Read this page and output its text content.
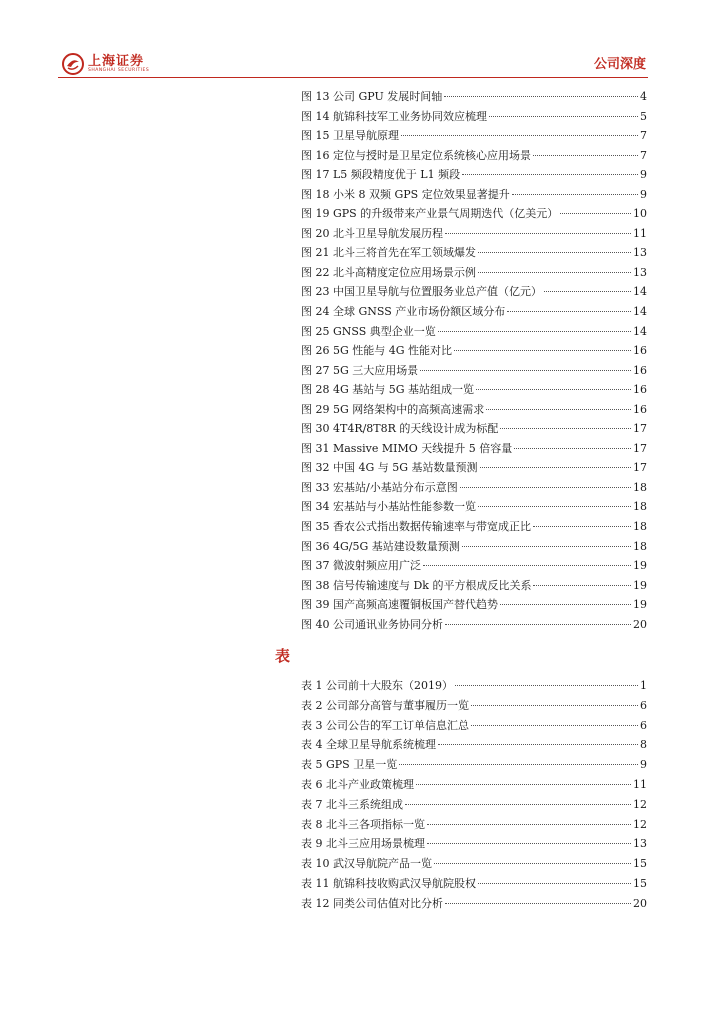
上海证券
SHANGHAI SECURITIES	公司深度
图 13 公司 GPU 发展时间轴	4
图 14 航锦科技军工业务协同效应梳理	5
图 15 卫星导航原理	7
图 16 定位与授时是卫星定位系统核心应用场景	7
图 17 L5 频段精度优于 L1 频段	9
图 18 小米 8 双频 GPS 定位效果显著提升	9
图 19 GPS 的升级带来产业景气周期迭代（亿美元）	10
图 20 北斗卫星导航发展历程	11
图 21 北斗三将首先在军工领域爆发	13
图 22 北斗高精度定位应用场景示例	13
图 23 中国卫星导航与位置服务业总产值（亿元）	14
图 24 全球 GNSS 产业市场份额区域分布	14
图 25 GNSS 典型企业一览	14
图 26 5G 性能与 4G 性能对比	16
图 27 5G 三大应用场景	16
图 28 4G 基站与 5G 基站组成一览	16
图 29 5G 网络架构中的高频高速需求	16
图 30 4T4R/8T8R 的天线设计成为标配	17
图 31 Massive MIMO 天线提升 5 倍容量	17
图 32 中国 4G 与 5G 基站数量预测	17
图 33 宏基站/小基站分布示意图	18
图 34 宏基站与小基站性能参数一览	18
图 35 香农公式指出数据传输速率与带宽成正比	18
图 36 4G/5G 基站建设数量预测	18
图 37 微波射频应用广泛	19
图 38 信号传输速度与 Dk 的平方根成反比关系	19
图 39 国产高频高速覆铜板国产替代趋势	19
图 40 公司通讯业务协同分析	20
表
表 1 公司前十大股东（2019）	1
表 2 公司部分高管与董事履历一览	6
表 3 公司公告的军工订单信息汇总	6
表 4 全球卫星导航系统梳理	8
表 5 GPS 卫星一览	9
表 6 北斗产业政策梳理	11
表 7 北斗三系统组成	12
表 8 北斗三各项指标一览	12
表 9 北斗三应用场景梳理	13
表 10 武汉导航院产品一览	15
表 11 航锦科技收购武汉导航院股权	15
表 12 同类公司估值对比分析	20
